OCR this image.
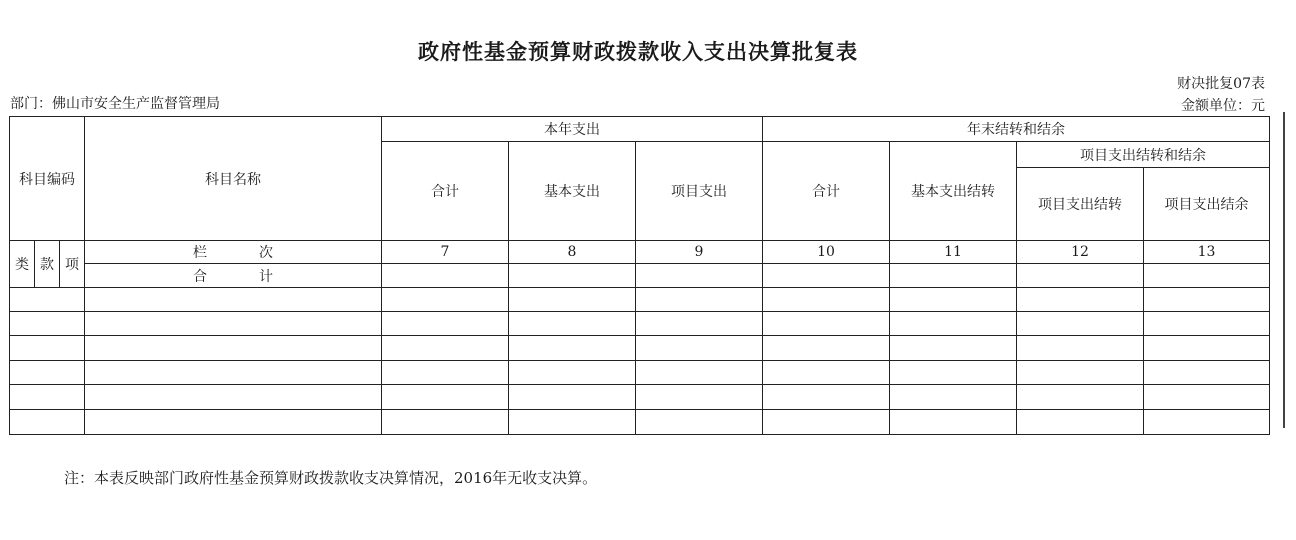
政府性基金预算财政拨款收入支出决算批复表
财决批复07表
金额单位：元
部门：佛山市安全生产监督管理局
科目编码			科目名称	本年支出			年末结转和结余			
				合计	基本支出	项目支出	合计	基本支出结转	项目支出结转和结余	
									项目支出结转	项目支出结余
类	款	项	栏 次	7	8	9	10	11	12	13
			合 计							

注：本表反映部门政府性基金预算财政拨款收支决算情况，2016年无收支决算。
